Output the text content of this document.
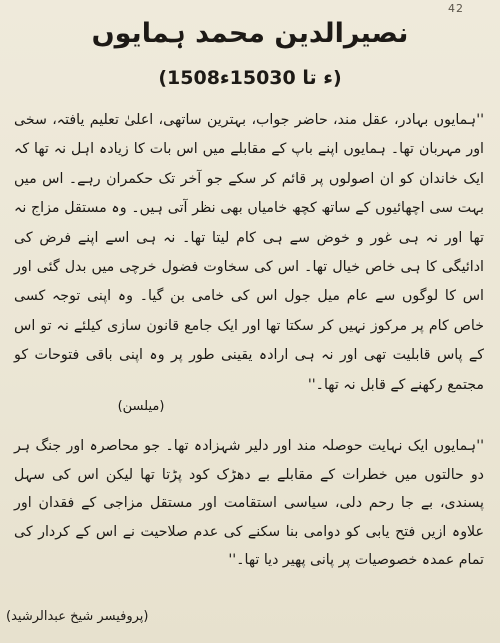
42
نصیرالدین محمد ہمایوں
(1508ء تا 15030ء)
''ہمایوں بہادر، عقل مند، حاضر جواب، بہترین ساتھی، اعلیٰ تعلیم یافتہ، سخی اور مہربان تھا۔ ہمایوں اپنے باپ کے مقابلے میں اس بات کا زیادہ اہل نہ تھا کہ ایک خاندان کو ان اصولوں پر قائم کر سکے جو آخر تک حکمران رہے۔ اس میں بہت سی اچھائیوں کے ساتھ کچھ خامیاں بھی نظر آتی ہیں۔ وہ مستقل مزاج نہ تھا اور نہ ہی غور و خوض سے ہی کام لیتا تھا۔ نہ ہی اسے اپنے فرض کی ادائیگی کا ہی خاص خیال تھا۔ اس کی سخاوت فضول خرچی میں بدل گئی اور اس کا لوگوں سے عام میل جول اس کی خامی بن گیا۔ وہ اپنی توجہ کسی خاص کام پر مرکوز نہیں کر سکتا تھا اور ایک جامع قانون سازی کیلئے نہ تو اس کے پاس قابلیت تھی اور نہ ہی ارادہ یقینی طور پر وہ اپنی باقی فتوحات کو مجتمع رکھنے کے قابل نہ تھا۔''
(میلسن)
''ہمایوں ایک نہایت حوصلہ مند اور دلیر شہزادہ تھا۔ جو محاصرہ اور جنگ ہر دو حالتوں میں خطرات کے مقابلے بے دھڑک کود پڑتا تھا لیکن اس کی سہل پسندی، بے جا رحم دلی، سیاسی استقامت اور مستقل مزاجی کے فقدان اور علاوہ ازیں فتح یابی کو دوامی بنا سکنے کی عدم صلاحیت نے اس کے کردار کی تمام عمدہ خصوصیات پر پانی پھیر دیا تھا۔''
(پروفیسر شیخ عبدالرشید)
